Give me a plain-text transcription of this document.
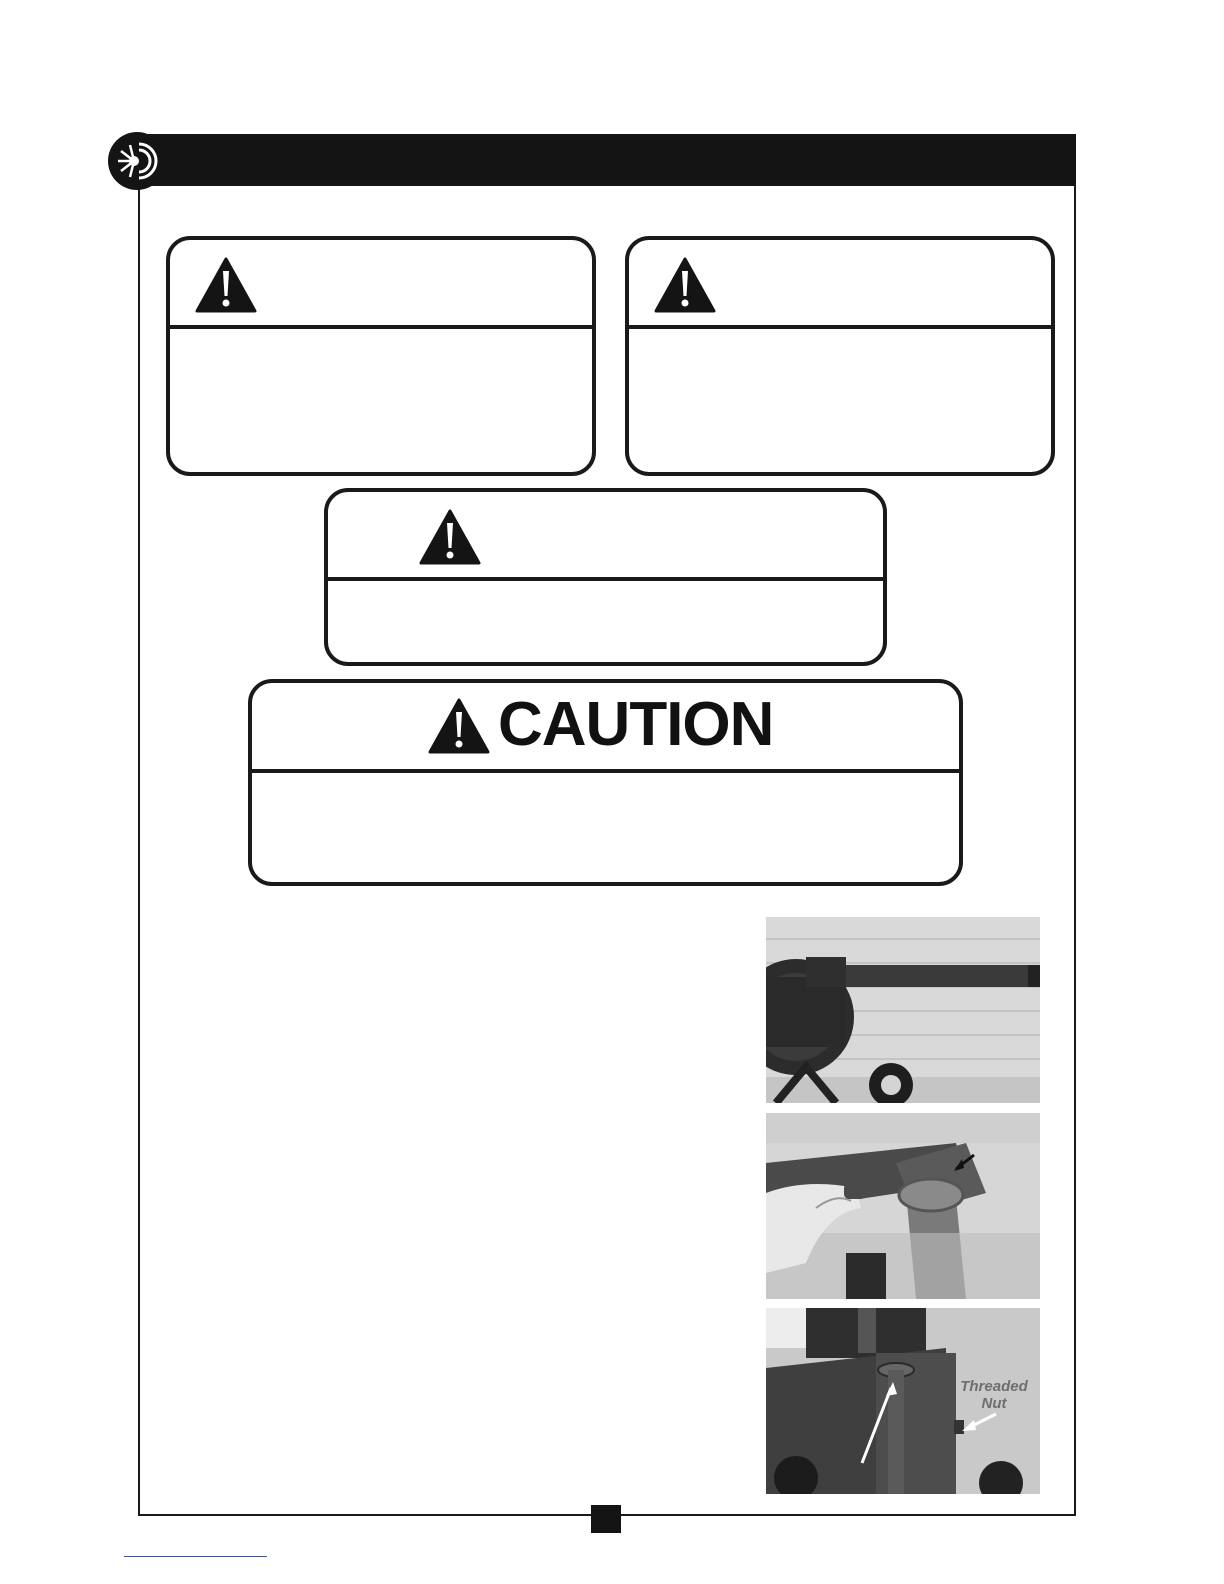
CAUTION
Threaded
Nut
